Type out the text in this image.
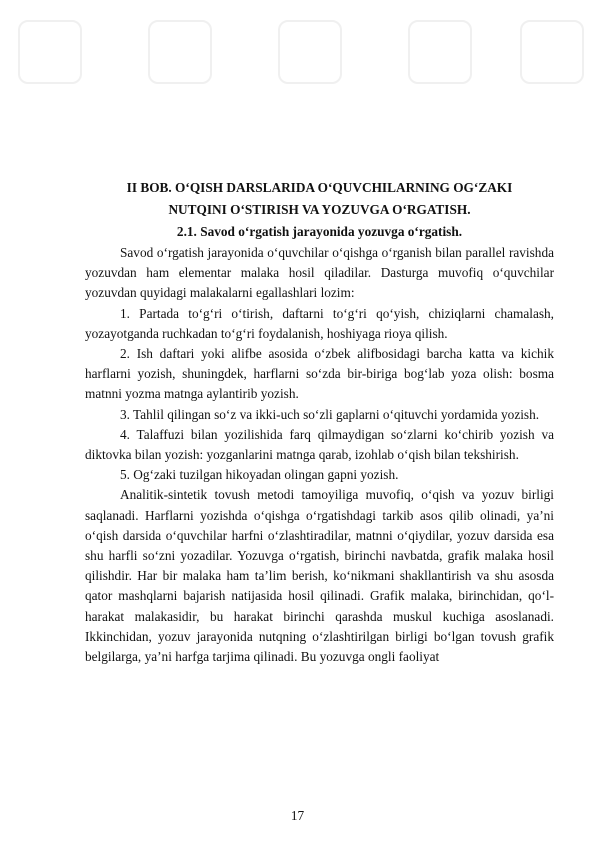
II BOB. O‘QISH DARSLARIDA O‘QUVCHILARNING OG‘ZAKI

NUTQINI O‘STIRISH VA YOZUVGA O‘RGATISH.

2.1. Savod o‘rgatish jarayonida yozuvga o‘rgatish.

Savod o‘rgatish jarayonida o‘quvchilar o‘qishga o‘rganish bilan parallel ravishda yozuvdan ham elementar malaka hosil qiladilar. Dasturga muvofiq o‘quvchilar yozuvdan quyidagi malakalarni egallashlari lozim:

1. Partada to‘g‘ri o‘tirish, daftarni to‘g‘ri qo‘yish, chiziqlarni chamalash, yozayotganda ruchkadan to‘g‘ri foydalanish, hoshiyaga rioya qilish.

2. Ish daftari yoki alifbe asosida o‘zbek alifbosidagi barcha katta va kichik harflarni yozish, shuningdek, harflarni so‘zda bir-biriga bog‘lab yoza olish: bosma matnni yozma matnga aylantirib yozish.

3. Tahlil qilingan so‘z va ikki-uch so‘zli gaplarni o‘qituvchi yordamida yozish.

4. Talaffuzi bilan yozilishida farq qilmaydigan so‘zlarni ko‘chirib yozish va diktovka bilan yozish: yozganlarini matnga qarab, izohlab o‘qish bilan tekshirish.

5. Og‘zaki tuzilgan hikoyadan olingan gapni yozish.

Analitik-sintetik tovush metodi tamoyiliga muvofiq, o‘qish va yozuv birligi saqlanadi. Harflarni yozishda o‘qishga o‘rgatishdagi tarkib asos qilib olinadi, ya’ni o‘qish darsida o‘quvchilar harfni o‘zlashtiradilar, matnni o‘qiydilar, yozuv darsida esa shu harfli so‘zni yozadilar. Yozuvga o‘rgatish, birinchi navbatda, grafik malaka hosil qilishdir. Har bir malaka ham ta’lim berish, ko‘nikmani shakllantirish va shu asosda qator mashqlarni bajarish natijasida hosil qilinadi. Grafik malaka, birinchidan, qo‘l-harakat malakasidir, bu harakat birinchi qarashda muskul kuchiga asoslanadi. Ikkinchidan, yozuv jarayonida nutqning o‘zlashtirilgan birligi bo‘lgan tovush grafik belgilarga, ya’ni harfga tarjima qilinadi. Bu yozuvga ongli faoliyat

17
